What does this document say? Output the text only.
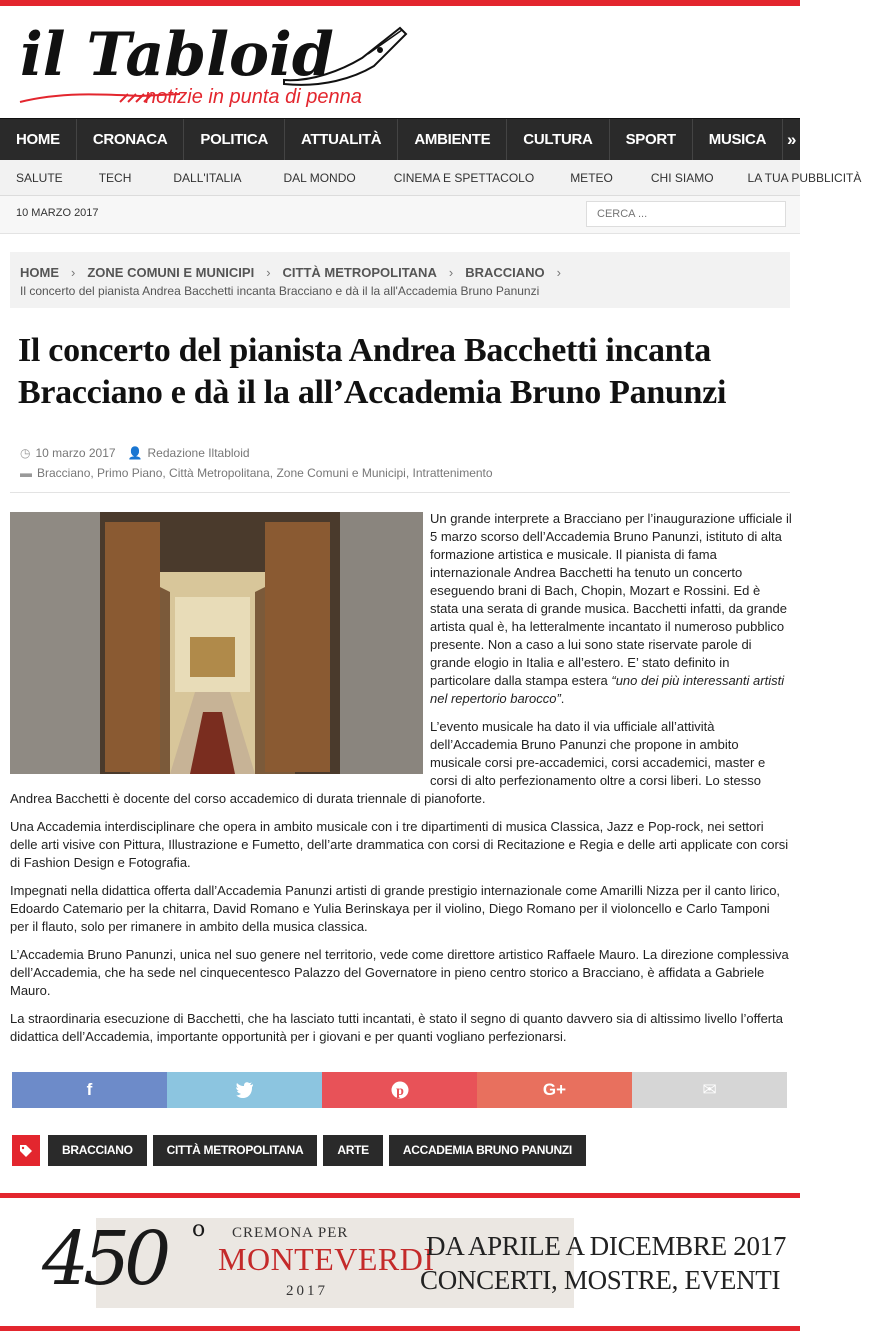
il Tabloid
notizie in punta di penna
HOME	CRONACA	POLITICA	ATTUALITÀ	AMBIENTE	CULTURA	SPORT	MUSICA	»
SALUTE	TECH	DALL'ITALIA	DAL MONDO	CINEMA E SPETTACOLO	METEO	CHI SIAMO	LA TUA PUBBLICITÀ
10 MARZO 2017
CERCA ...
HOME › ZONE COMUNI E MUNICIPI › CITTÀ METROPOLITANA › BRACCIANO ›
Il concerto del pianista Andrea Bacchetti incanta Bracciano e dà il la all'Accademia Bruno Panunzi
Il concerto del pianista Andrea Bacchetti incanta Bracciano e dà il la all’Accademia Bruno Panunzi
◷ 10 marzo 2017 👤 Redazione Iltabloid
▬ Bracciano, Primo Piano, Città Metropolitana, Zone Comuni e Municipi, Intrattenimento

Un grande interprete a Bracciano per l’inaugurazione ufficiale il 5 marzo scorso dell’Accademia Bruno Panunzi, istituto di alta formazione artistica e musicale. Il pianista di fama internazionale Andrea Bacchetti ha tenuto un concerto eseguendo brani di Bach, Chopin, Mozart e Rossini. Ed è stata una serata di grande musica. Bacchetti infatti, da grande artista qual è, ha letteralmente incantato il numeroso pubblico presente. Non a caso a lui sono state riservate parole di grande elogio in Italia e all’estero. E’ stato definito in particolare dalla stampa estera “uno dei più interessanti artisti nel repertorio barocco”.

L’evento musicale ha dato il via ufficiale all’attività dell’Accademia Bruno Panunzi che propone in ambito musicale corsi pre-accademici, corsi accademici, master e corsi di alto perfezionamento oltre a corsi liberi. Lo stesso Andrea Bacchetti è docente del corso accademico di durata triennale di pianoforte.

Una Accademia interdisciplinare che opera in ambito musicale con i tre dipartimenti di musica Classica, Jazz e Pop-rock, nei settori delle arti visive con Pittura, Illustrazione e Fumetto, dell’arte drammatica con corsi di Recitazione e Regia e delle arti applicate con corsi di Fashion Design e Fotografia.

Impegnati nella didattica offerta dall’Accademia Panunzi artisti di grande prestigio internazionale come Amarilli Nizza per il canto lirico, Edoardo Catemario per la chitarra, David Romano e Yulia Berinskaya per il violino, Diego Romano per il violoncello e Carlo Tamponi per il flauto, solo per rimanere in ambito della musica classica.

L’Accademia Bruno Panunzi, unica nel suo genere nel territorio, vede come direttore artistico Raffaele Mauro. La direzione complessiva dell’Accademia, che ha sede nel cinquecentesco Palazzo del Governatore in pieno centro storico a Bracciano, è affidata a Gabriele Mauro.

La straordinaria esecuzione di Bacchetti, che ha lasciato tutti incantati, è stato il segno di quanto davvero sia di altissimo livello l’offerta didattica dell’Accademia, importante opportunità per i giovani e per quanti vogliano perfezionarsi.

f	p	G+	✉
BRACCIANO	CITTÀ METROPOLITANA	ARTE	ACCADEMIA BRUNO PANUNZI
450 o CREMONA PER
MONTEVERDI
2017
DA APRILE A DICEMBRE 2017
CONCERTI, MOSTRE, EVENTI
